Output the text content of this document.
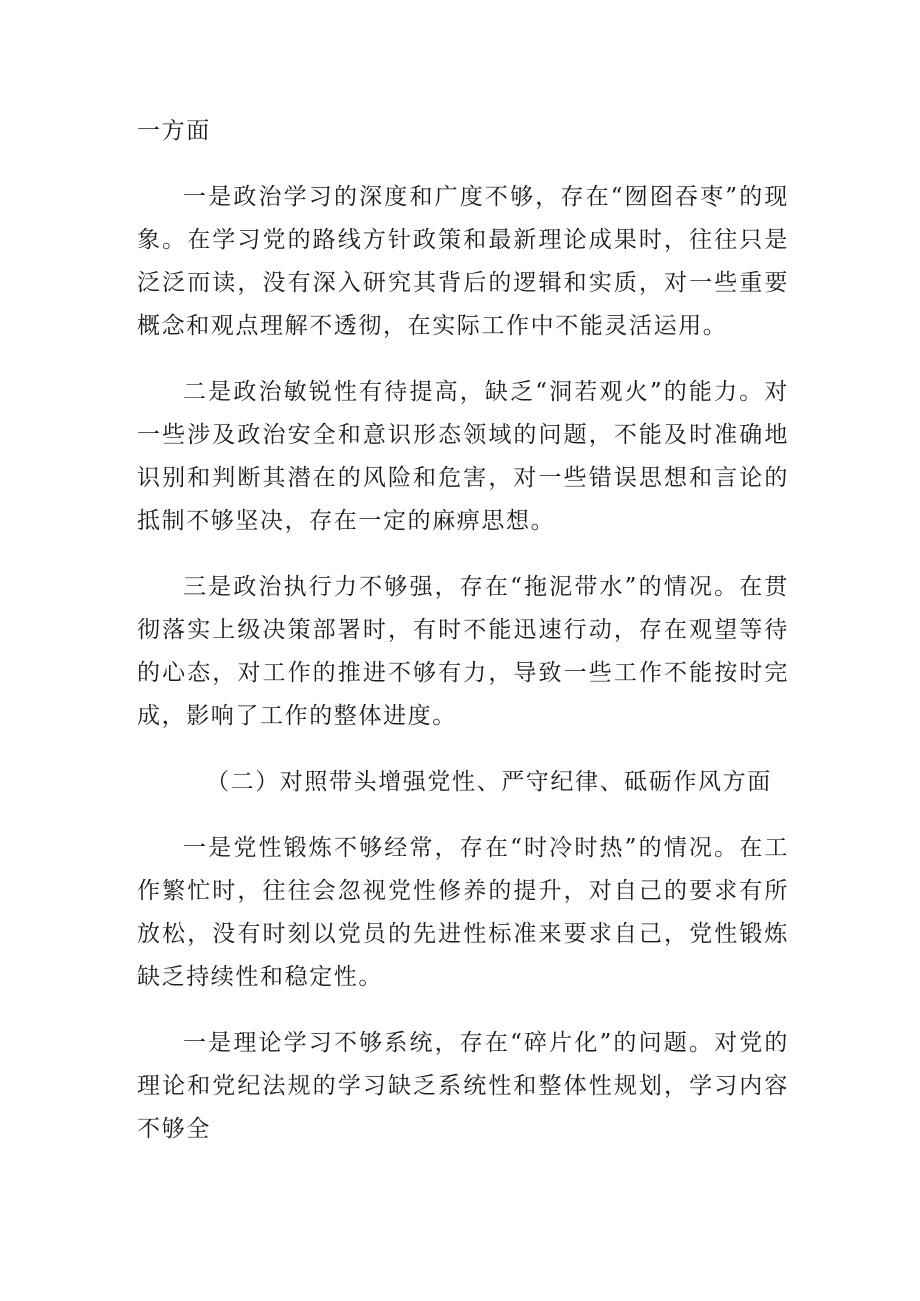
一方面

一是政治学习的深度和广度不够，存在“囫囵吞枣”的现象。在学习党的路线方针政策和最新理论成果时，往往只是泛泛而读，没有深入研究其背后的逻辑和实质，对一些重要概念和观点理解不透彻，在实际工作中不能灵活运用。

二是政治敏锐性有待提高，缺乏“洞若观火”的能力。对一些涉及政治安全和意识形态领域的问题，不能及时准确地识别和判断其潜在的风险和危害，对一些错误思想和言论的抵制不够坚决，存在一定的麻痹思想。

三是政治执行力不够强，存在“拖泥带水”的情况。在贯彻落实上级决策部署时，有时不能迅速行动，存在观望等待的心态，对工作的推进不够有力，导致一些工作不能按时完成，影响了工作的整体进度。

（二）对照带头增强党性、严守纪律、砥砺作风方面

一是党性锻炼不够经常，存在“时冷时热”的情况。在工作繁忙时，往往会忽视党性修养的提升，对自己的要求有所放松，没有时刻以党员的先进性标准来要求自己，党性锻炼缺乏持续性和稳定性。

一是理论学习不够系统，存在“碎片化”的问题。对党的理论和党纪法规的学习缺乏系统性和整体性规划，学习内容不够全
